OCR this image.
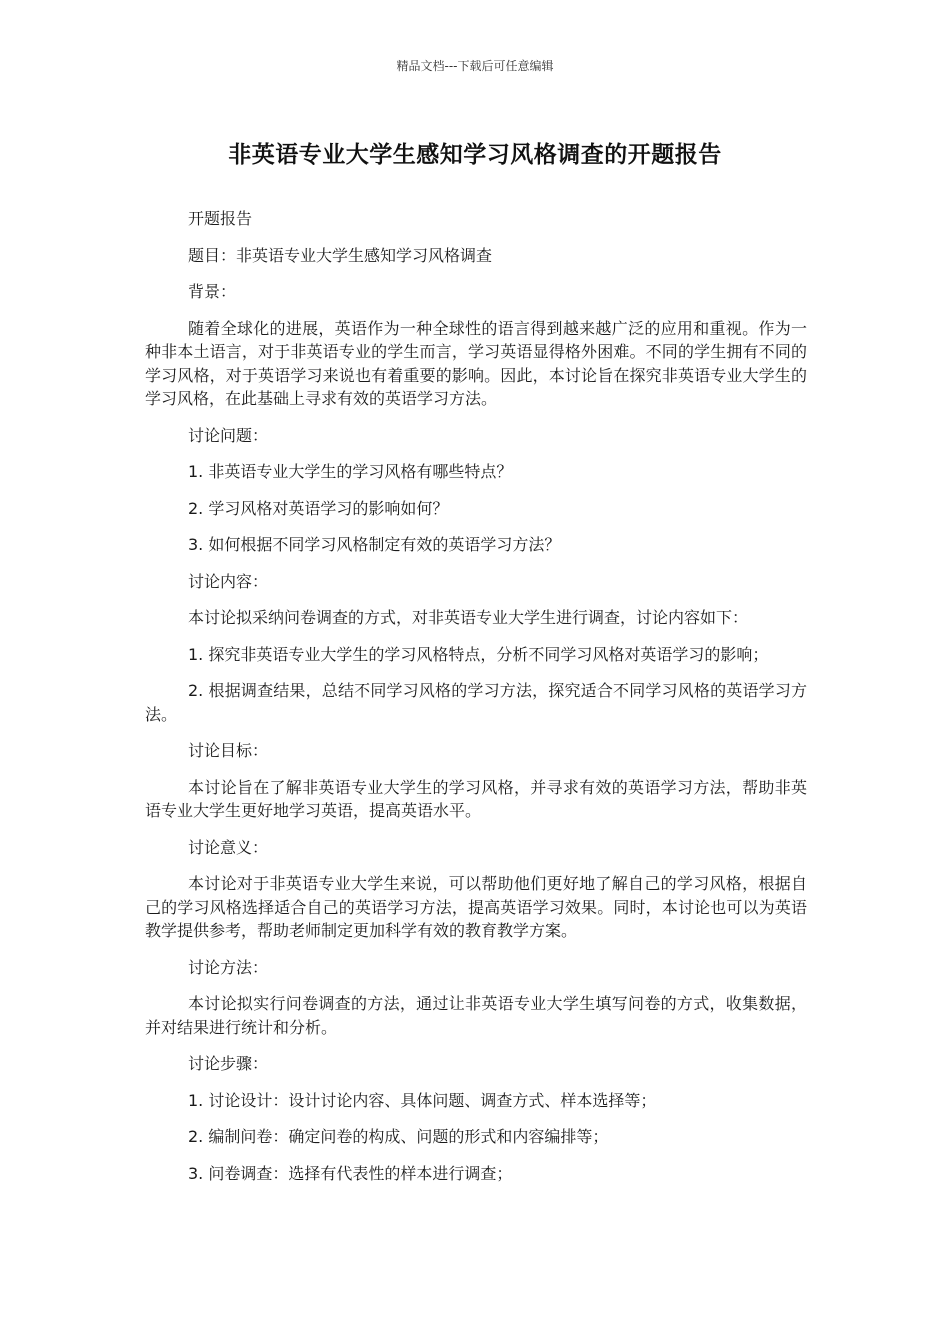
精品文档---下载后可任意编辑
非英语专业大学生感知学习风格调查的开题报告

开题报告

题目：非英语专业大学生感知学习风格调查

背景：

随着全球化的进展，英语作为一种全球性的语言得到越来越广泛的应用和重视。作为一种非本土语言，对于非英语专业的学生而言，学习英语显得格外困难。不同的学生拥有不同的学习风格，对于英语学习来说也有着重要的影响。因此，本讨论旨在探究非英语专业大学生的学习风格，在此基础上寻求有效的英语学习方法。

讨论问题：

1. 非英语专业大学生的学习风格有哪些特点？

2. 学习风格对英语学习的影响如何？

3. 如何根据不同学习风格制定有效的英语学习方法？

讨论内容：

本讨论拟采纳问卷调查的方式，对非英语专业大学生进行调查，讨论内容如下：

1. 探究非英语专业大学生的学习风格特点，分析不同学习风格对英语学习的影响；

2. 根据调查结果，总结不同学习风格的学习方法，探究适合不同学习风格的英语学习方法。

讨论目标：

本讨论旨在了解非英语专业大学生的学习风格，并寻求有效的英语学习方法，帮助非英语专业大学生更好地学习英语，提高英语水平。

讨论意义：

本讨论对于非英语专业大学生来说，可以帮助他们更好地了解自己的学习风格，根据自己的学习风格选择适合自己的英语学习方法，提高英语学习效果。同时，本讨论也可以为英语教学提供参考，帮助老师制定更加科学有效的教育教学方案。

讨论方法：

本讨论拟实行问卷调查的方法，通过让非英语专业大学生填写问卷的方式，收集数据，并对结果进行统计和分析。

讨论步骤：

1. 讨论设计：设计讨论内容、具体问题、调查方式、样本选择等；

2. 编制问卷：确定问卷的构成、问题的形式和内容编排等；

3. 问卷调查：选择有代表性的样本进行调查；
